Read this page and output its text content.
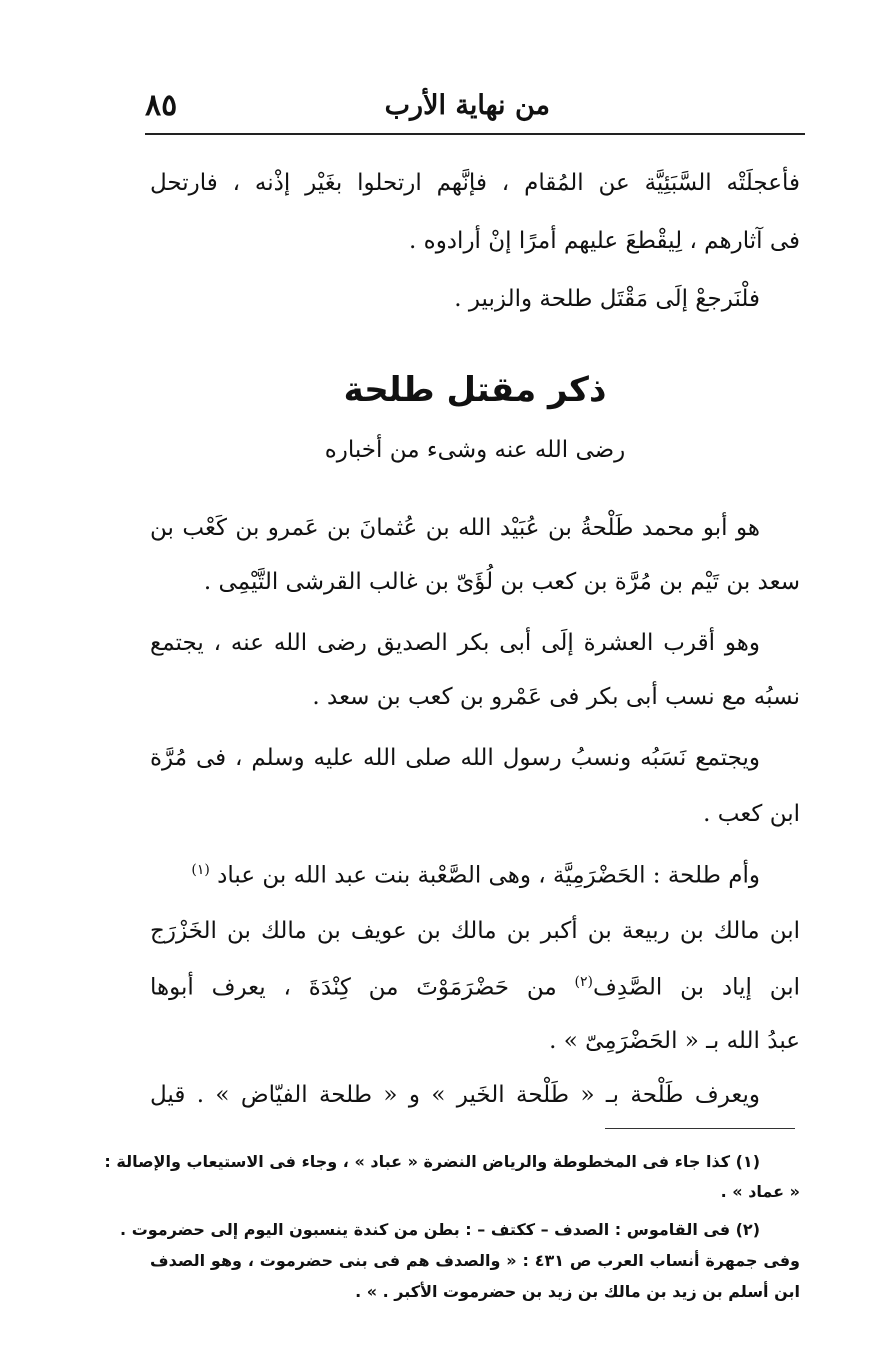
٨٥	من نهاية الأرب
فأعجلَتْه السَّبَئِيَّة عن المُقام ، فإنَّهم ارتحلوا بغَيْر إذْنه ، فارتحل
فى آثارهم ، لِيقْطعَ عليهم أمرًا إنْ أرادوه .
فلْنَرجعْ إلَى مَقْتَل طلحة والزبير .
ذكر مقتل طلحة
رضى الله عنه وشىء من أخباره
هو أبو محمد طَلْحةُ بن عُبَيْد الله بن عُثمانَ بن عَمرو بن كَعْب بن
سعد بن تَيْم بن مُرَّة بن كعب بن لُؤَىّ بن غالب القرشى التَّيْمِى .
وهو أقرب العشرة إلَى أبى بكر الصديق رضى الله عنه ، يجتمع
نسبُه مع نسب أبى بكر فى عَمْرو بن كعب بن سعد .
ويجتمع نَسَبُه ونسبُ رسول الله صلى الله عليه وسلم ، فى مُرَّة
ابن كعب .
وأم طلحة : الحَضْرَمِيَّة ، وهى الصَّعْبة بنت عبد الله بن عباد $^{(١)}$
ابن مالك بن ربيعة بن أكبر بن مالك بن عويف بن مالك بن الخَزْرَج
ابن إياد بن الصَّدِف$^{(٢)}$ من حَضْرَمَوْتَ من كِنْدَةَ ، يعرف أبوها
عبدُ الله بـ « الحَضْرَمِىّ » .
ويعرف طَلْحة بـ « طَلْحة الخَير » و « طلحة الفيّاض » . قيل
(١) كذا جاء فى المخطوطة والرياض النضرة « عباد » ، وجاء فى الاستيعاب والإصالة :
« عماد » .
(٢) فى القاموس : الصدف – ككتف – : بطن من كندة ينسبون اليوم إلى حضرموت .
وفى جمهرة أنساب العرب ص ٤٣١ : « والصدف هم فى بنى حضرموت ، وهو الصدف
ابن أسلم بن زيد بن مالك بن زيد بن حضرموت الأكبر . » .
